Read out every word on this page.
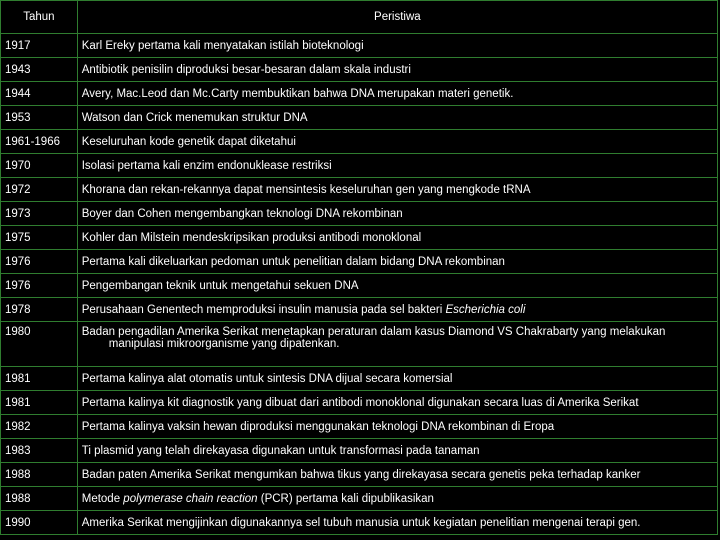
Tahun	Peristiwa
1917	Karl Ereky pertama kali menyatakan istilah bioteknologi
1943	Antibiotik penisilin diproduksi besar-besaran dalam skala industri
1944	Avery, Mac.Leod dan Mc.Carty membuktikan bahwa DNA merupakan materi genetik.
1953	Watson dan Crick menemukan struktur DNA
1961-1966	Keseluruhan kode genetik dapat diketahui
1970	Isolasi pertama kali enzim endonuklease restriksi
1972	Khorana dan rekan-rekannya dapat mensintesis keseluruhan gen yang mengkode tRNA
1973	Boyer dan Cohen mengembangkan teknologi DNA rekombinan
1975	Kohler dan Milstein mendeskripsikan produksi antibodi monoklonal
1976	Pertama kali dikeluarkan pedoman untuk penelitian dalam bidang DNA rekombinan
1976	Pengembangan teknik untuk mengetahui sekuen DNA
1978	Perusahaan Genentech memproduksi insulin manusia pada sel bakteri Escherichia coli
1980	Badan pengadilan Amerika Serikat menetapkan peraturan dalam kasus Diamond VS Chakrabarty yang melakukan
manipulasi mikroorganisme yang dipatenkan.

1981	Pertama kalinya alat otomatis untuk sintesis DNA dijual secara komersial
1981	Pertama kalinya kit diagnostik yang dibuat dari antibodi monoklonal digunakan secara luas di Amerika Serikat
1982	Pertama kalinya vaksin hewan diproduksi menggunakan teknologi DNA rekombinan di Eropa
1983	Ti plasmid yang telah direkayasa digunakan untuk transformasi pada tanaman
1988	Badan paten Amerika Serikat mengumkan bahwa tikus yang direkayasa secara genetis peka terhadap kanker
1988	Metode polymerase chain reaction (PCR) pertama kali dipublikasikan
1990	Amerika Serikat mengijinkan digunakannya sel tubuh manusia untuk kegiatan penelitian mengenai terapi gen.
